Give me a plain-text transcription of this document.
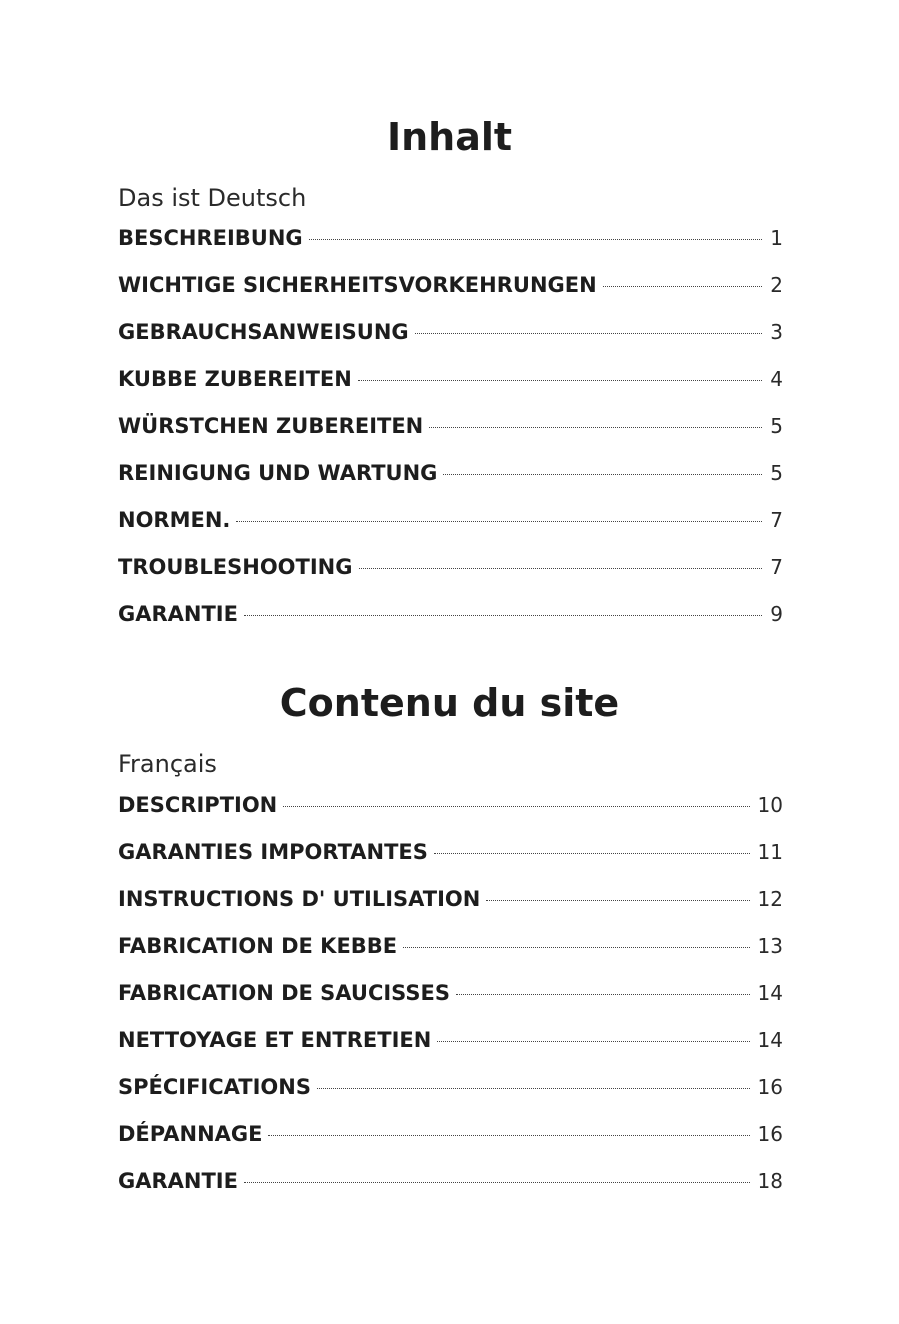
Inhalt
Das ist Deutsch
BESCHREIBUNG	1
WICHTIGE SICHERHEITSVORKEHRUNGEN	2
GEBRAUCHSANWEISUNG	3
KUBBE ZUBEREITEN	4
WÜRSTCHEN ZUBEREITEN	5
REINIGUNG UND WARTUNG	5
NORMEN.	7
TROUBLESHOOTING	7
GARANTIE	9
Contenu du site
Français
DESCRIPTION	10
GARANTIES IMPORTANTES	11
INSTRUCTIONS D' UTILISATION	12
FABRICATION DE KEBBE	13
FABRICATION DE SAUCISSES	14
NETTOYAGE ET ENTRETIEN	14
SPÉCIFICATIONS	16
DÉPANNAGE	16
GARANTIE	18
